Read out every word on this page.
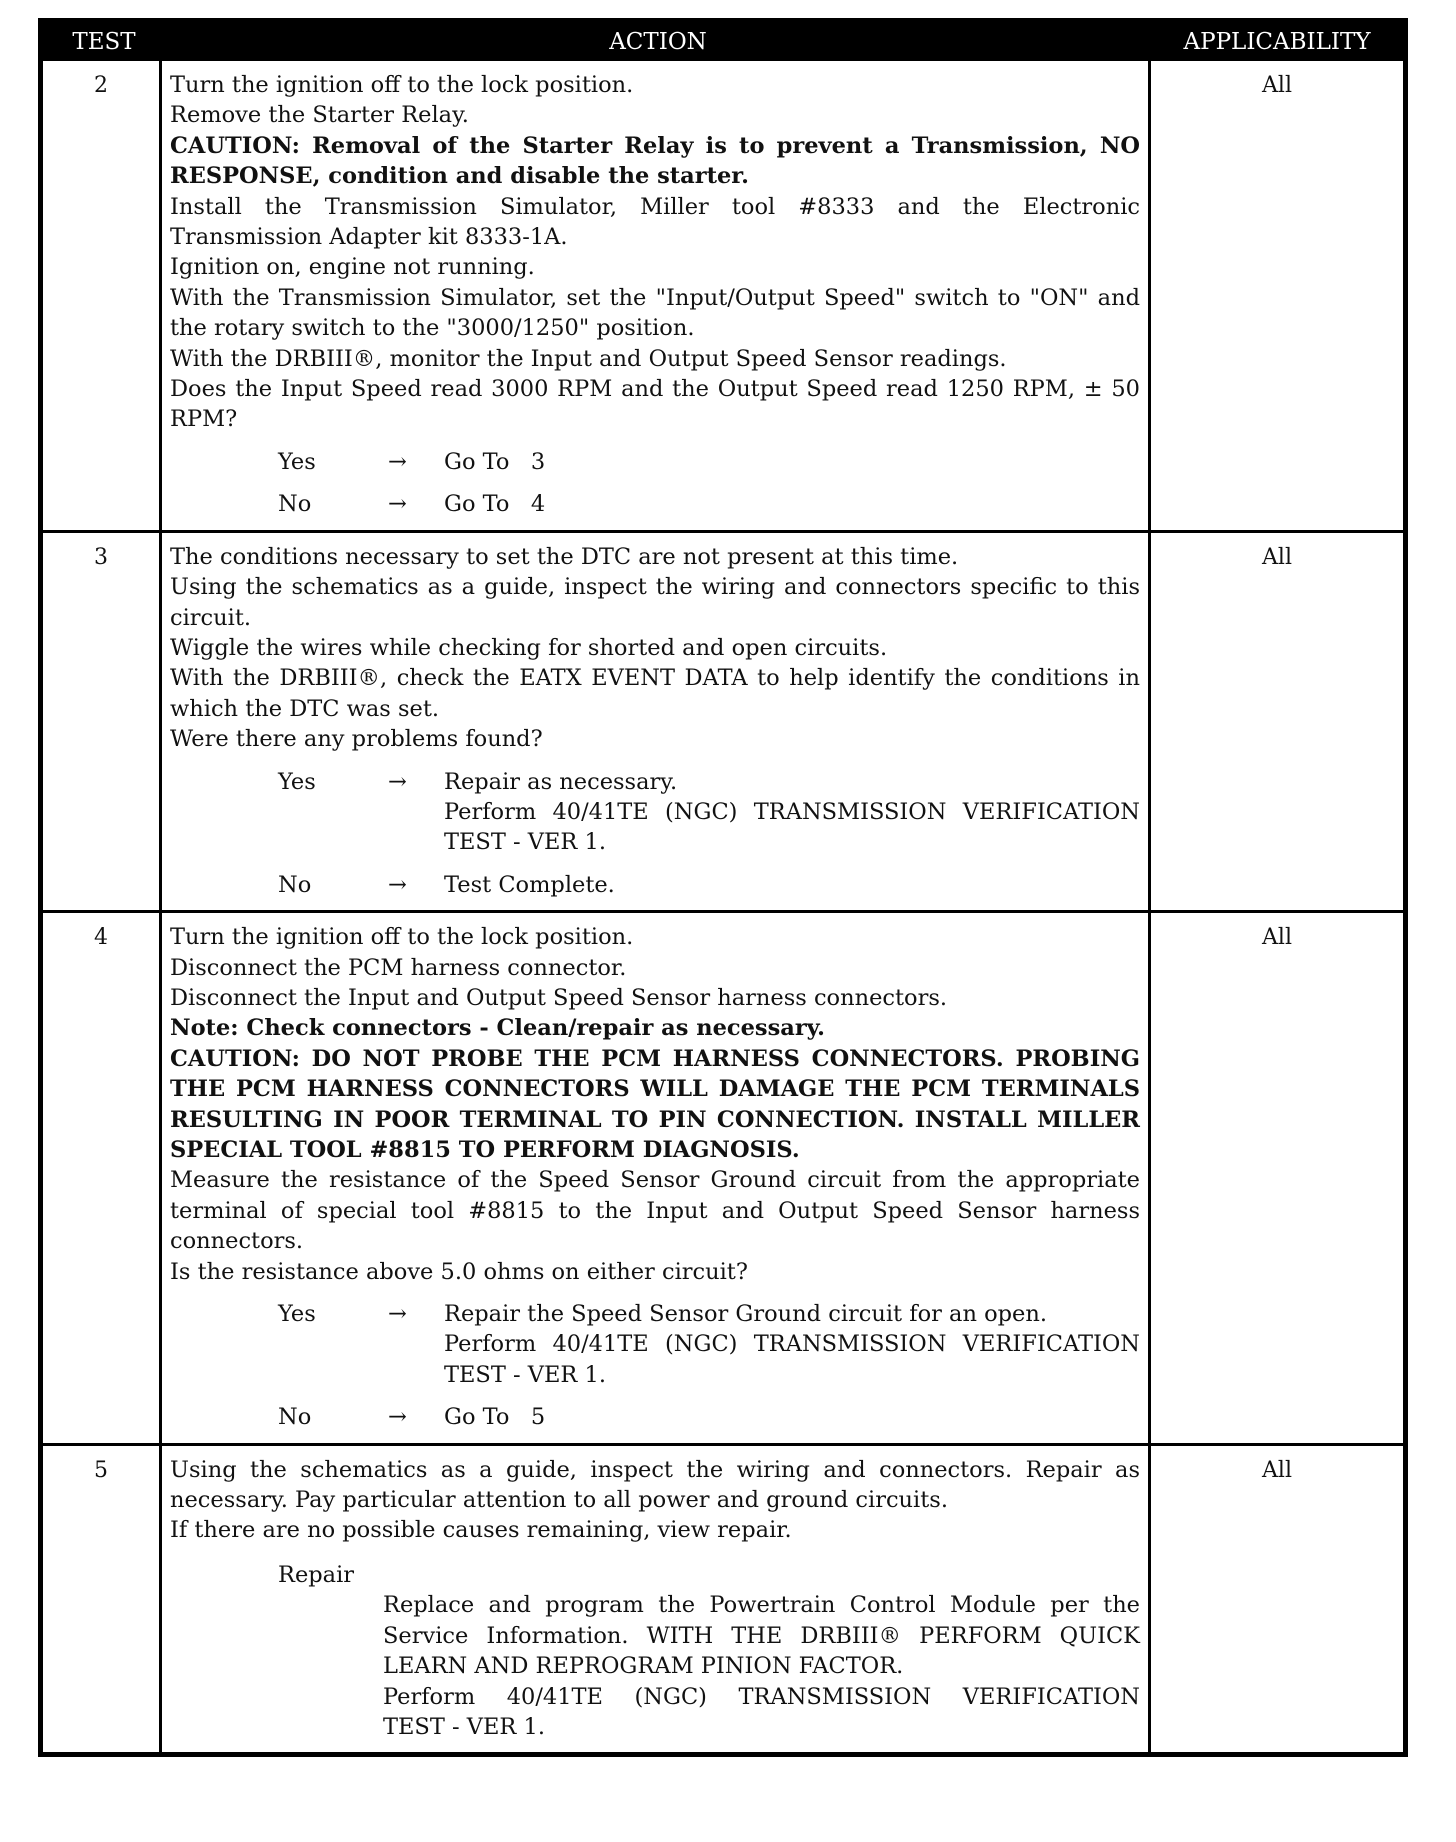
TEST	ACTION	APPLICABILITY
2	Turn the ignition off to the lock position.
Remove the Starter Relay.
CAUTION: Removal of the Starter Relay is to prevent a Transmission, NO RESPONSE, condition and disable the starter.
Install the Transmission Simulator, Miller tool #8333 and the Electronic Transmission Adapter kit 8333-1A.
Ignition on, engine not running.
With the Transmission Simulator, set the "Input/Output Speed" switch to "ON" and the rotary switch to the "3000/1250" position.
With the DRBIII®, monitor the Input and Output Speed Sensor readings.
Does the Input Speed read 3000 RPM and the Output Speed read 1250 RPM, ± 50 RPM?
Yes	→	Go To   3
No	→	Go To   4
All
3	The conditions necessary to set the DTC are not present at this time.
Using the schematics as a guide, inspect the wiring and connectors specific to this circuit.
Wiggle the wires while checking for shorted and open circuits.
With the DRBIII®, check the EATX EVENT DATA to help identify the conditions in which the DTC was set.
Were there any problems found?
Yes	→	Repair as necessary.
Perform 40/41TE (NGC) TRANSMISSION VERIFICATION
TEST - VER 1.
No	→	Test Complete.
All
4	Turn the ignition off to the lock position.
Disconnect the PCM harness connector.
Disconnect the Input and Output Speed Sensor harness connectors.
Note: Check connectors - Clean/repair as necessary.
CAUTION: DO NOT PROBE THE PCM HARNESS CONNECTORS. PROBING THE PCM HARNESS CONNECTORS WILL DAMAGE THE PCM TERMINALS RESULTING IN POOR TERMINAL TO PIN CONNECTION. INSTALL MILLER SPECIAL TOOL #8815 TO PERFORM DIAGNOSIS.
Measure the resistance of the Speed Sensor Ground circuit from the appropriate terminal of special tool #8815 to the Input and Output Speed Sensor harness connectors.
Is the resistance above 5.0 ohms on either circuit?
Yes	→	Repair the Speed Sensor Ground circuit for an open.
Perform 40/41TE (NGC) TRANSMISSION VERIFICATION
TEST - VER 1.
No	→	Go To   5
All
5	Using the schematics as a guide, inspect the wiring and connectors. Repair as necessary. Pay particular attention to all power and ground circuits.
If there are no possible causes remaining, view repair.
Repair
Replace and program the Powertrain Control Module per the Service Information. WITH THE DRBIII® PERFORM QUICK LEARN AND REPROGRAM PINION FACTOR.
Perform 40/41TE (NGC) TRANSMISSION VERIFICATION
TEST - VER 1.
All
